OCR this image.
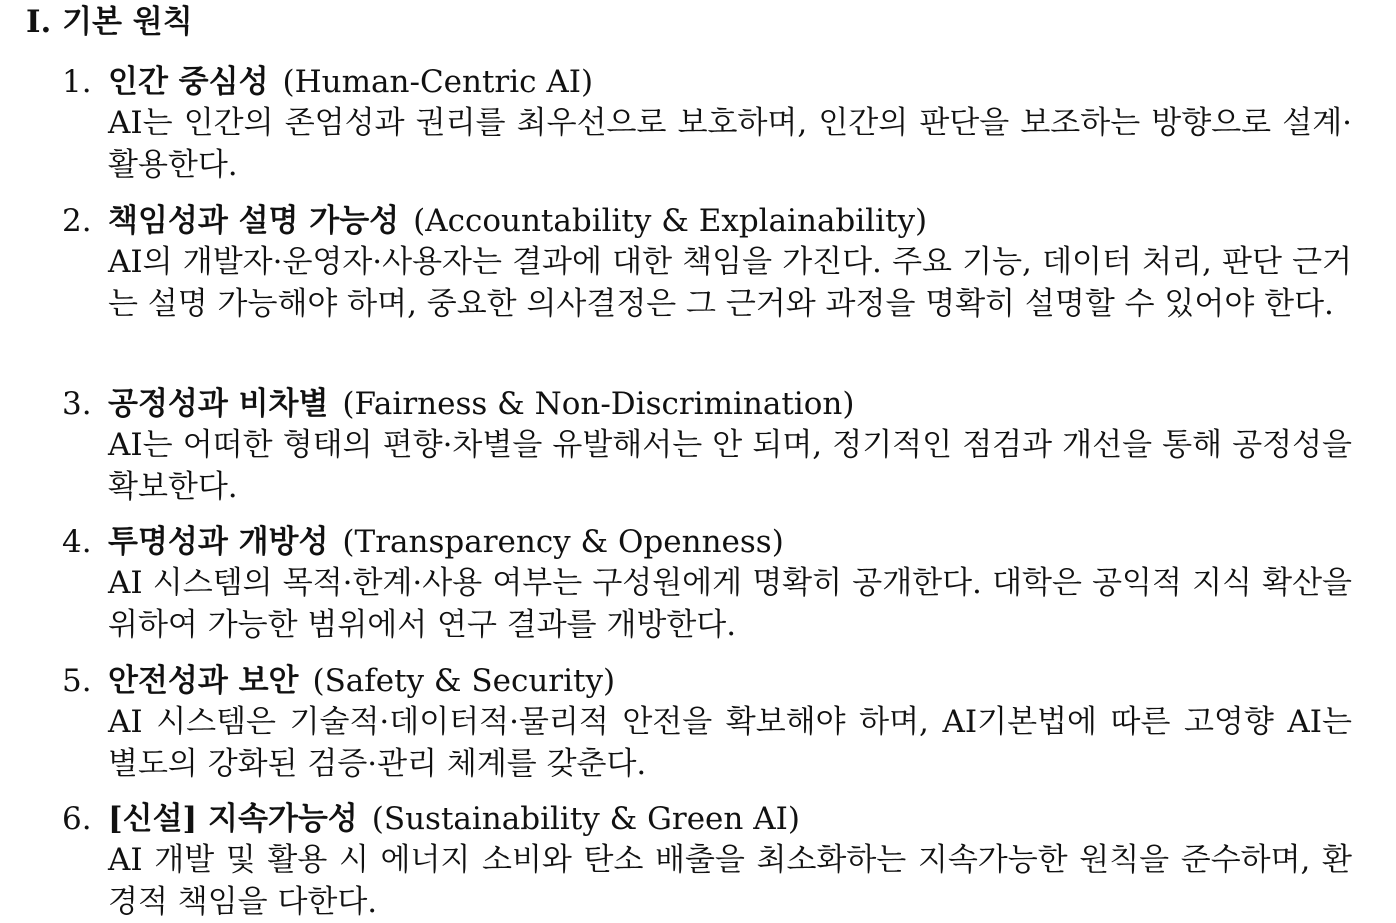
Ⅰ. 기본 원칙
1. 인간 중심성 (Human-Centric AI)
AI는 인간의 존엄성과 권리를 최우선으로 보호하며, 인간의 판단을 보조하는 방향으로 설계·활용한다.
2. 책임성과 설명 가능성 (Accountability & Explainability)
AI의 개발자·운영자·사용자는 결과에 대한 책임을 가진다. 주요 기능, 데이터 처리, 판단 근거는 설명 가능해야 하며, 중요한 의사결정은 그 근거와 과정을 명확히 설명할 수 있어야 한다.
3. 공정성과 비차별 (Fairness & Non-Discrimination)
AI는 어떠한 형태의 편향·차별을 유발해서는 안 되며, 정기적인 점검과 개선을 통해 공정성을 확보한다.
4. 투명성과 개방성 (Transparency & Openness)
AI 시스템의 목적·한계·사용 여부는 구성원에게 명확히 공개한다. 대학은 공익적 지식 확산을 위하여 가능한 범위에서 연구 결과를 개방한다.
5. 안전성과 보안 (Safety & Security)
AI 시스템은 기술적·데이터적·물리적 안전을 확보해야 하며, AI기본법에 따른 고영향 AI는 별도의 강화된 검증·관리 체계를 갖춘다.
6. [신설] 지속가능성 (Sustainability & Green AI)
AI 개발 및 활용 시 에너지 소비와 탄소 배출을 최소화하는 지속가능한 원칙을 준수하며, 환경적 책임을 다한다.
